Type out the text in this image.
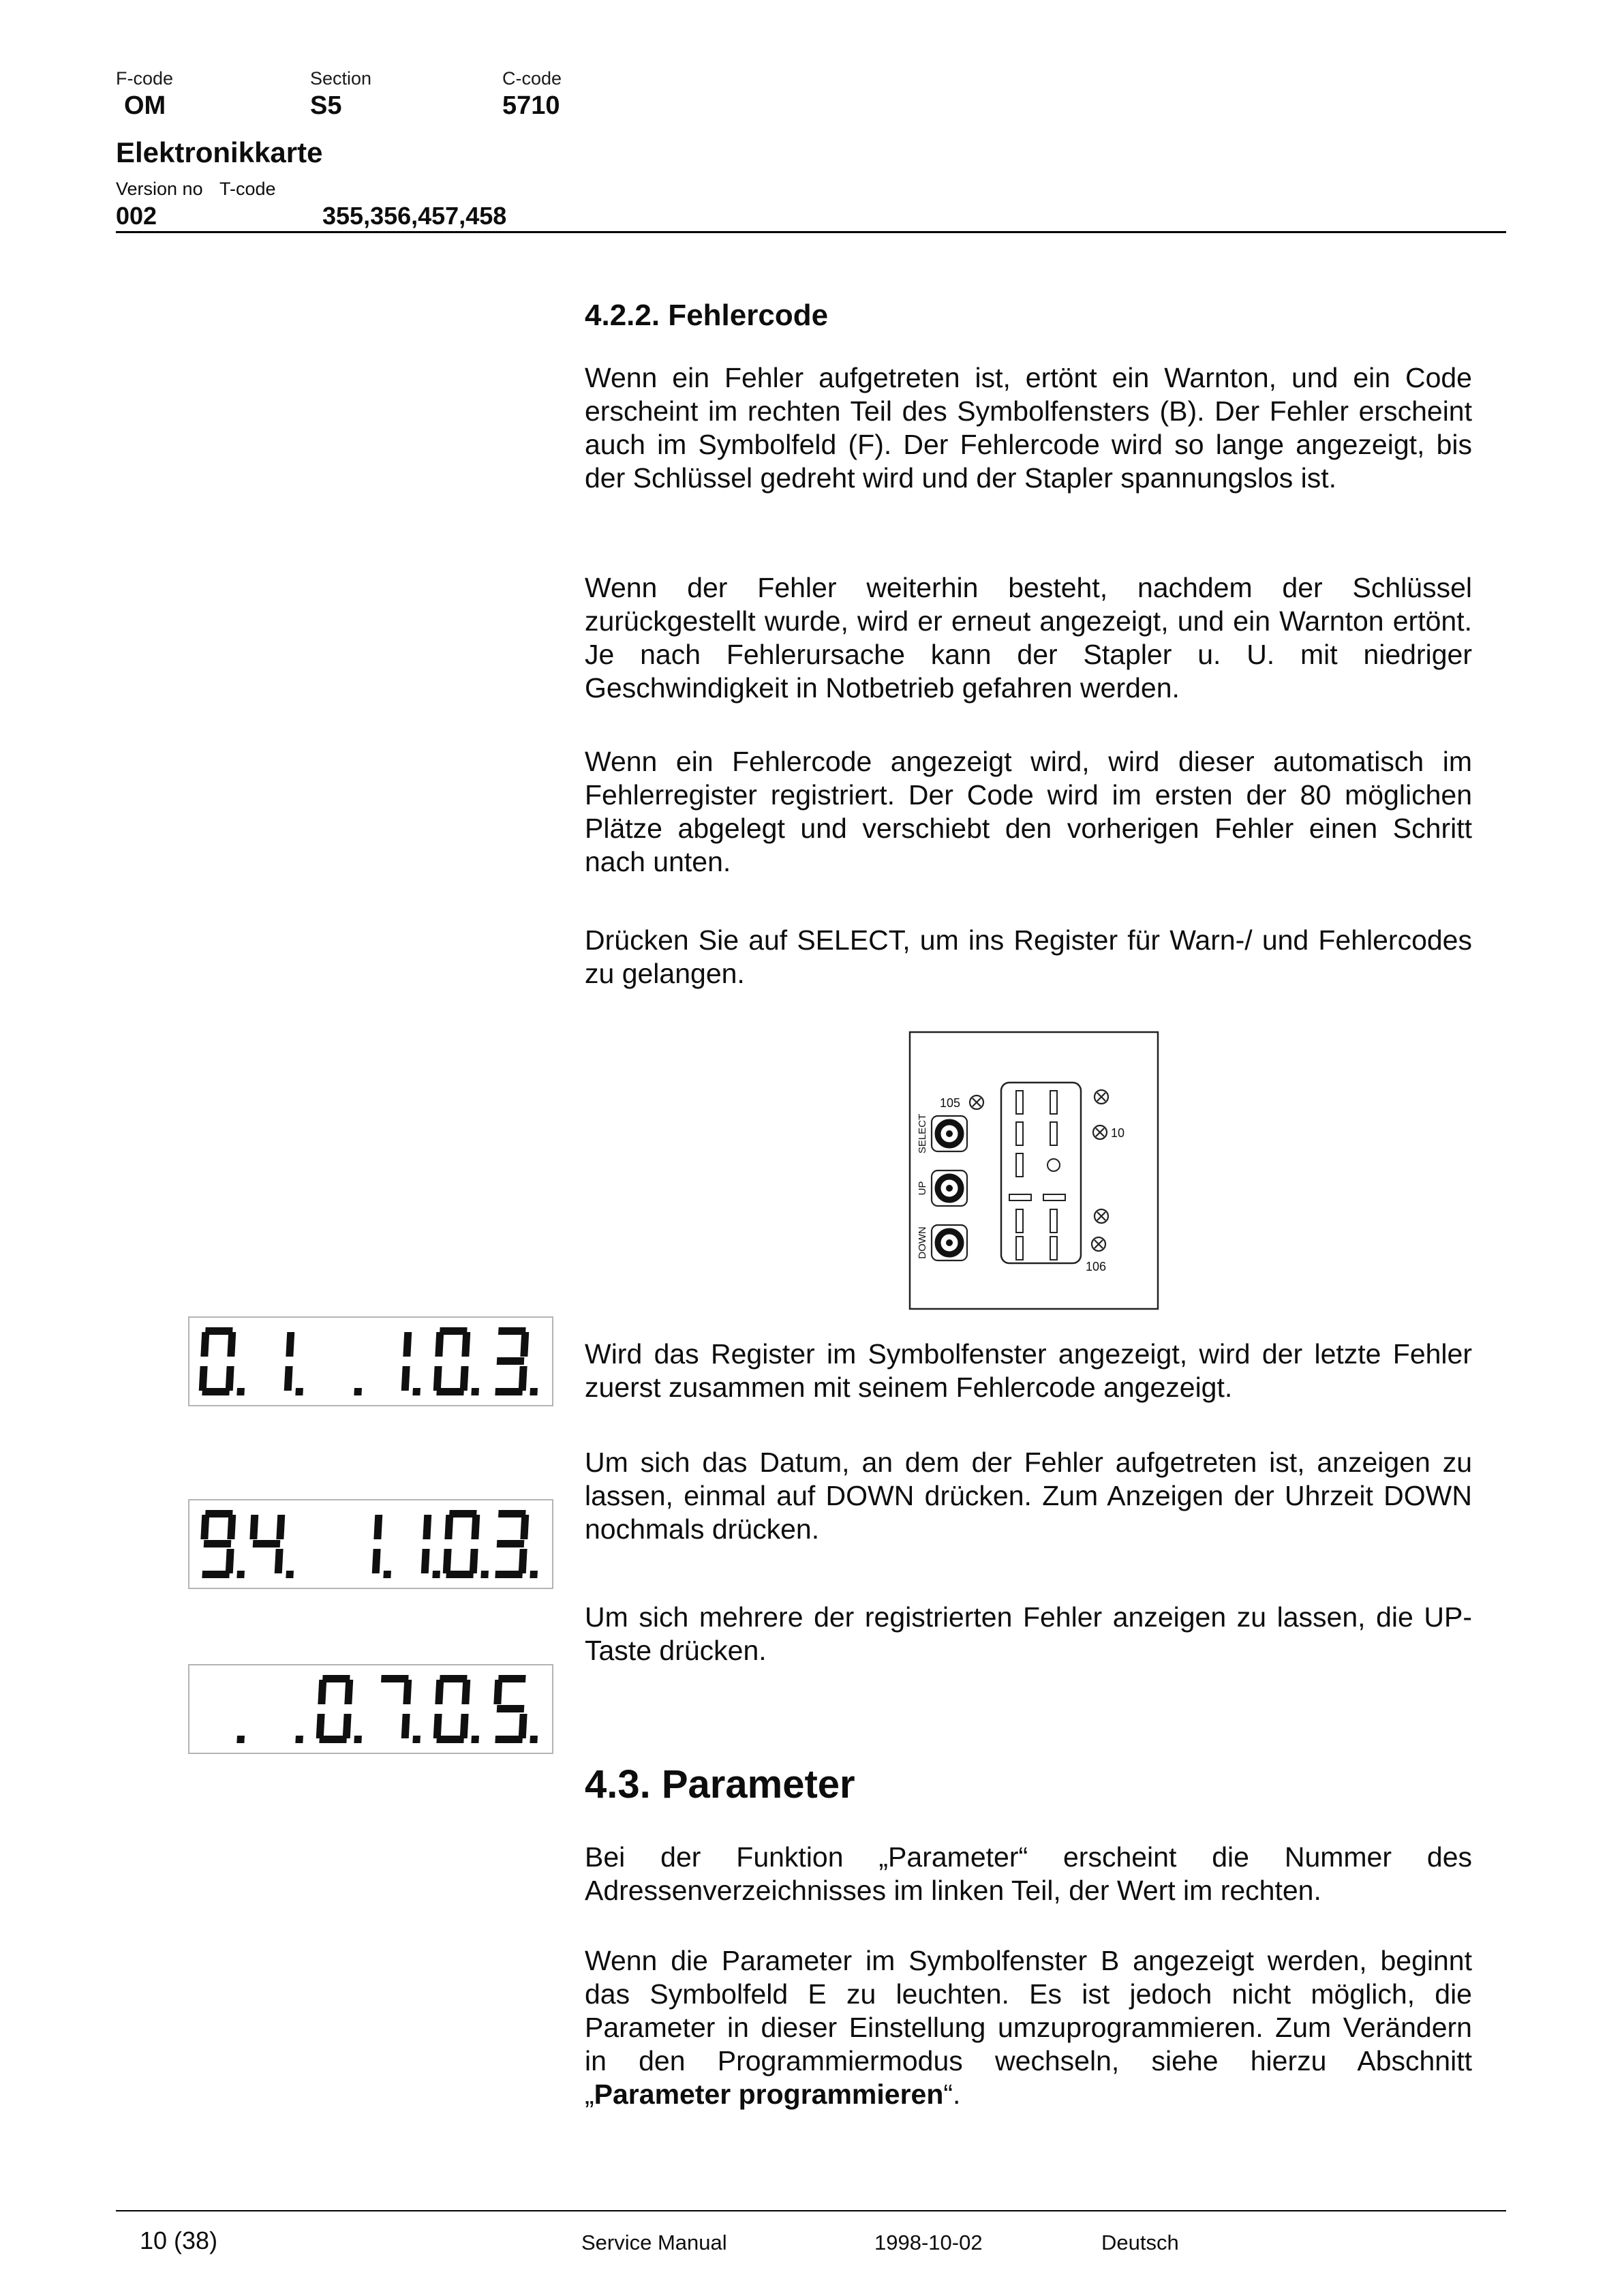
F-code	Section	C-code
OM	S5	5710
Elektronikkarte
Version no T-code
002	355,356,457,458
4.2.2. Fehlercode

Wenn ein Fehler aufgetreten ist, ertönt ein Warnton, und ein Code erscheint im rechten Teil des Symbolfensters (B). Der Fehler erscheint auch im Symbolfeld (F). Der Fehlercode wird so lange angezeigt, bis der Schlüssel gedreht wird und der Stapler spannungslos ist.

Wenn der Fehler weiterhin besteht, nachdem der Schlüssel zurückgestellt wurde, wird er erneut angezeigt, und ein Warnton ertönt. Je nach Fehlerursache kann der Stapler u. U. mit niedriger Geschwindigkeit in Notbetrieb gefahren werden.

Wenn ein Fehlercode angezeigt wird, wird dieser automatisch im Fehlerregister registriert. Der Code wird im ersten der 80 möglichen Plätze abgelegt und verschiebt den vorherigen Fehler einen Schritt nach unten.

Drücken Sie auf SELECT, um ins Register für Warn-/ und Fehlercodes zu gelangen.

105
SELECT
UP
DOWN
10
106

Wird das Register im Symbolfenster angezeigt, wird der letzte Fehler zuerst zusammen mit seinem Fehlercode angezeigt.

Um sich das Datum, an dem der Fehler aufgetreten ist, anzeigen zu lassen, einmal auf DOWN drücken. Zum Anzeigen der Uhrzeit DOWN nochmals drücken.

Um sich mehrere der registrierten Fehler anzeigen zu lassen, die UP-Taste drücken.

4.3. Parameter

Bei der Funktion „Parameter“ erscheint die Nummer des Adressenverzeichnisses im linken Teil, der Wert im rechten.

Wenn die Parameter im Symbolfenster B angezeigt werden, beginnt das Symbolfeld E zu leuchten. Es ist jedoch nicht möglich, die Parameter in dieser Einstellung umzuprogrammieren. Zum Verändern in den Programmiermodus wechseln, siehe hierzu Abschnitt „Parameter programmieren“.

10 (38)	Service Manual	1998-10-02	Deutsch
